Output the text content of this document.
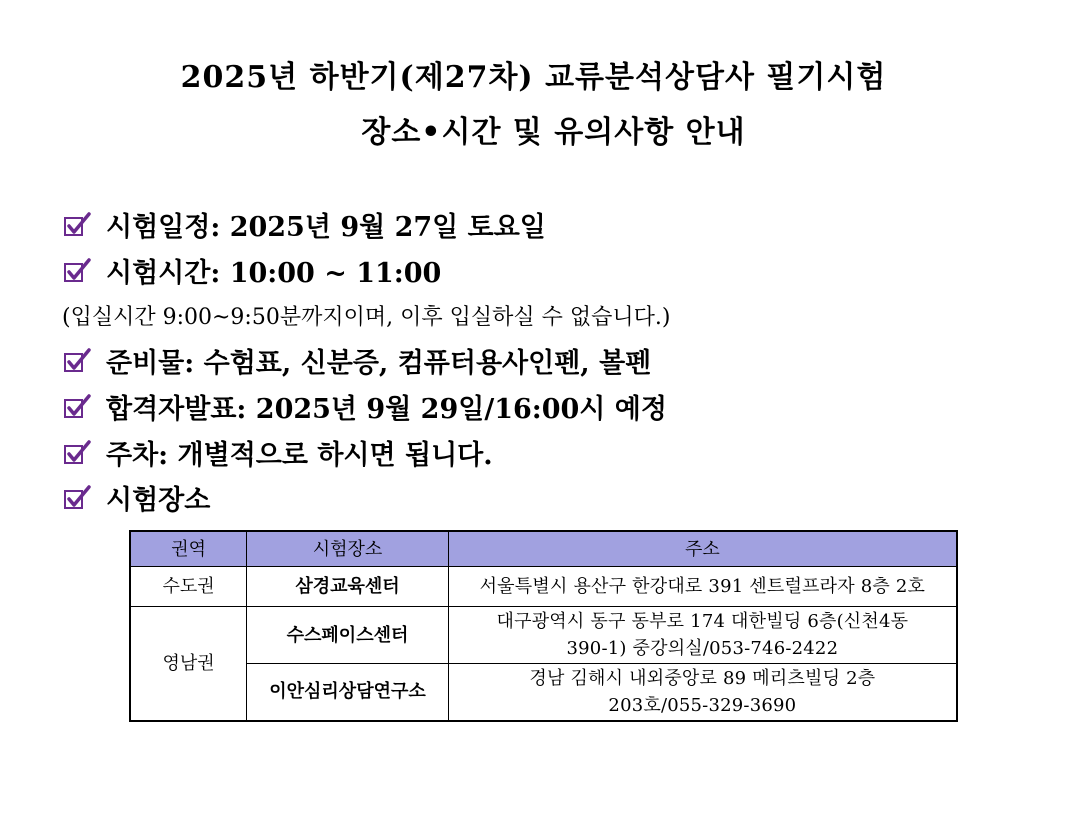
2025년 하반기(제27차) 교류분석상담사 필기시험
장소•시간 및 유의사항 안내
시험일정: 2025년 9월 27일 토요일
시험시간: 10:00 ~ 11:00
(입실시간 9:00~9:50분까지이며, 이후 입실하실 수 없습니다.)
준비물: 수험표, 신분증, 컴퓨터용사인펜, 볼펜
합격자발표: 2025년 9월 29일/16:00시 예정
주차: 개별적으로 하시면 됩니다.
시험장소
권역	시험장소	주소
수도권	삼경교육센터	서울특별시 용산구 한강대로 391 센트럴프라자 8층 2호
영남권	수스페이스센터	대구광역시 동구 동부로 174 대한빌딩 6층(신천4동
390-1) 중강의실/053-746-2422

	이안심리상담연구소	경남 김해시 내외중앙로 89 메리츠빌딩 2층
203호/055-329-3690
